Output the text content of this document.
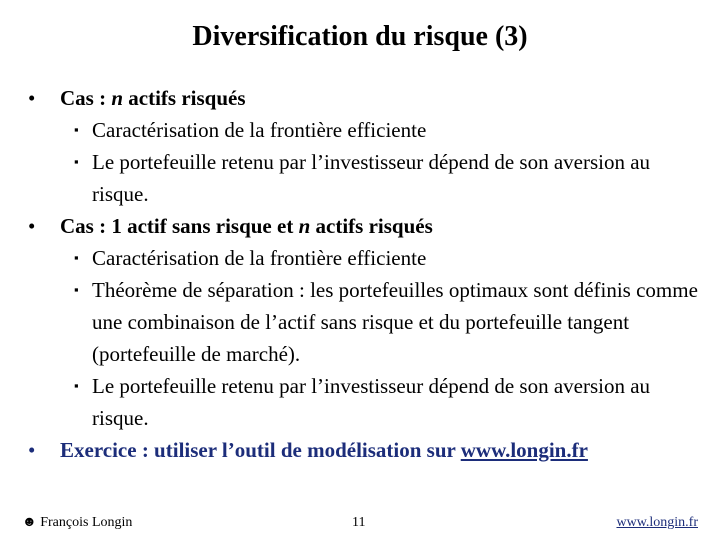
Diversification du risque (3)
• Cas : n actifs risqués
▪ Caractérisation de la frontière efficiente
▪ Le portefeuille retenu par l’investisseur dépend de son aversion au risque.
• Cas : 1 actif sans risque et n actifs risqués
▪ Caractérisation de la frontière efficiente
▪ Théorème de séparation : les portefeuilles optimaux sont définis comme une combinaison de l’actif sans risque et du portefeuille tangent (portefeuille de marché).
▪ Le portefeuille retenu par l’investisseur dépend de son aversion au risque.
• Exercice : utiliser l’outil de modélisation sur www.longin.fr
☻ François Longin	11	www.longin.fr
